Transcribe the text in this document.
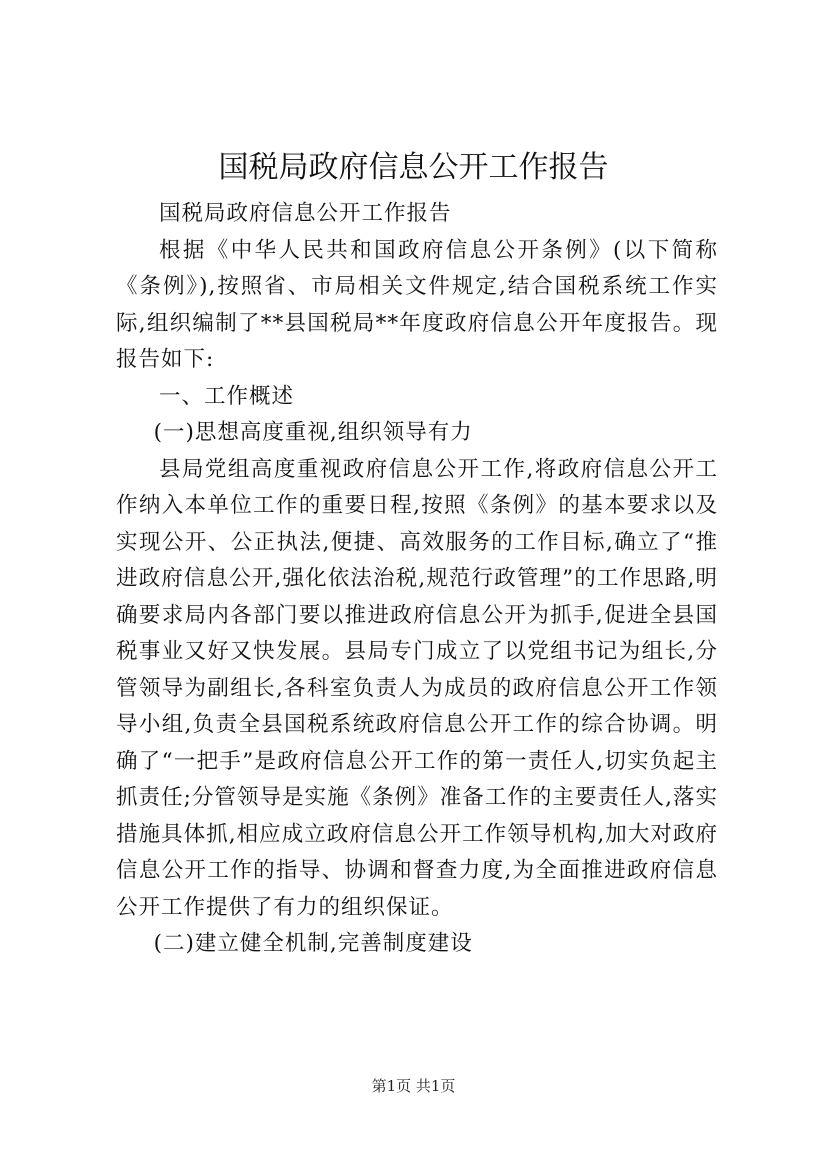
国税局政府信息公开工作报告

国税局政府信息公开工作报告

根据《中华人民共和国政府信息公开条例》(以下简称《条例》),按照省、市局相关文件规定,结合国税系统工作实际,组织编制了**县国税局**年度政府信息公开年度报告。现报告如下:

一、工作概述

(一)思想高度重视,组织领导有力

县局党组高度重视政府信息公开工作,将政府信息公开工作纳入本单位工作的重要日程,按照《条例》的基本要求以及实现公开、公正执法,便捷、高效服务的工作目标,确立了“推进政府信息公开,强化依法治税,规范行政管理”的工作思路,明确要求局内各部门要以推进政府信息公开为抓手,促进全县国税事业又好又快发展。县局专门成立了以党组书记为组长,分管领导为副组长,各科室负责人为成员的政府信息公开工作领导小组,负责全县国税系统政府信息公开工作的综合协调。明确了“一把手”是政府信息公开工作的第一责任人,切实负起主抓责任;分管领导是实施《条例》准备工作的主要责任人,落实措施具体抓,相应成立政府信息公开工作领导机构,加大对政府信息公开工作的指导、协调和督查力度,为全面推进政府信息公开工作提供了有力的组织保证。

(二)建立健全机制,完善制度建设

第1页 共1页
